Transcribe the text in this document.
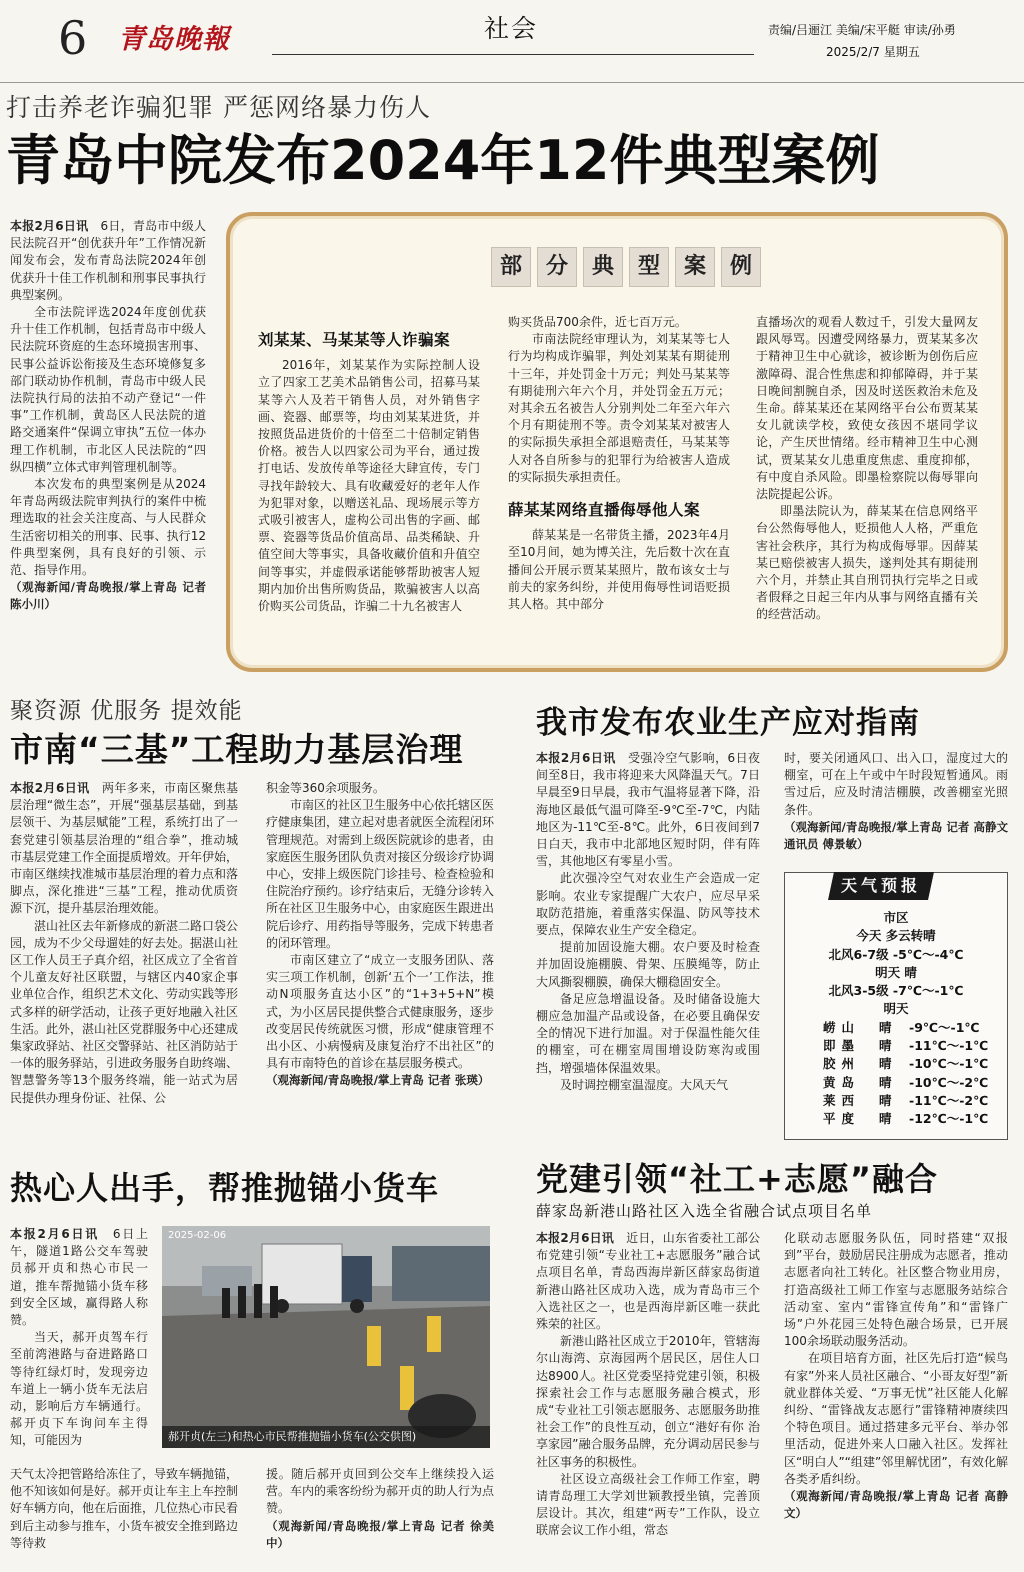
6 青岛晚報	社会	责编/吕逦江 美编/宋平艇 审读/孙勇
2025/2/7 星期五
打击养老诈骗犯罪 严惩网络暴力伤人
青岛中院发布2024年12件典型案例

本报2月6日讯　 6日，青岛市中级人民法院召开“创优获升年”工作情况新闻发布会，发布青岛法院2024年创优获升十佳工作机制和刑事民事执行典型案例。

全市法院评选2024年度创优获升十佳工作机制，包括青岛市中级人民法院环资庭的生态环境损害刑事、民事公益诉讼衔接及生态环境修复多部门联动协作机制，青岛市中级人民法院执行局的法拍不动产登记“一件事”工作机制，黄岛区人民法院的道路交通案件“保调立审执”五位一体办理工作机制，市北区人民法院的“四纵四横”立体式审判管理机制等。

本次发布的典型案例是从2024年青岛两级法院审判执行的案件中梳理选取的社会关注度高、与人民群众生活密切相关的刑事、民事、执行12件典型案例，具有良好的引领、示范、指导作用。

（观海新闻/青岛晚报/掌上青岛 记者 陈小川）

部	分	典	型	案	例
刘某某、马某某等人诈骗案

2016年，刘某某作为实际控制人设立了四家工艺美术品销售公司，招募马某某等六人及若干销售人员，对外销售字画、瓷器、邮票等，均由刘某某进货，并按照货品进货价的十倍至二十倍制定销售价格。被告人以四家公司为平台，通过拨打电话、发放传单等途径大肆宣传，专门寻找年龄较大、具有收藏爱好的老年人作为犯罪对象，以赠送礼品、现场展示等方式吸引被害人，虚构公司出售的字画、邮票、瓷器等货品价值高昂、品类稀缺、升值空间大等事实，具备收藏价值和升值空间等事实，并虚假承诺能够帮助被害人短期内加价出售所购货品，欺骗被害人以高价购买公司货品，诈骗二十九名被害人

购买货品700余件，近七百万元。

市南法院经审理认为，刘某某等七人行为均构成诈骗罪，判处刘某某有期徒刑十三年，并处罚金十万元；判处马某某等有期徒刑六年六个月，并处罚金五万元；对其余五名被告人分别判处二年至六年六个月有期徒刑不等。责令刘某某对被害人的实际损失承担全部退赔责任，马某某等人对各自所参与的犯罪行为给被害人造成的实际损失承担责任。

薛某某网络直播侮辱他人案

薛某某是一名带货主播，2023年4月至10月间，她为博关注，先后数十次在直播间公开展示贾某某照片，散布该女士与前夫的家务纠纷，并使用侮辱性词语贬损其人格。其中部分

直播场次的观看人数过千，引发大量网友跟风辱骂。因遭受网络暴力，贾某某多次于精神卫生中心就诊，被诊断为创伤后应激障碍、混合性焦虑和抑郁障碍，并于某日晚间割腕自杀，因及时送医救治未危及生命。薛某某还在某网络平台公布贾某某女儿就读学校，致使女孩因不堪同学议论，产生厌世情绪。经市精神卫生中心测试，贾某某女儿患重度焦虑、重度抑郁，有中度自杀风险。即墨检察院以侮辱罪向法院提起公诉。

即墨法院认为，薛某某在信息网络平台公然侮辱他人，贬损他人人格，严重危害社会秩序，其行为构成侮辱罪。因薛某某已赔偿被害人损失，遂判处其有期徒刑六个月，并禁止其自刑罚执行完毕之日或者假释之日起三年内从事与网络直播有关的经营活动。

聚资源 优服务 提效能
市南“三基”工程助力基层治理

本报2月6日讯　 两年多来，市南区聚焦基层治理“微生态”，开展“强基层基础，到基层领干、为基层赋能”工程，系统打出了一套党建引领基层治理的“组合拳”，推动城市基层党建工作全面提质增效。开年伊始，市南区继续找准城市基层治理的着力点和落脚点，深化推进“三基”工程，推动优质资源下沉，提升基层治理效能。

湛山社区去年新修成的新湛二路口袋公园，成为不少父母遛娃的好去处。据湛山社区工作人员王子真介绍，社区成立了全省首个儿童友好社区联盟，与辖区内40家企事业单位合作，组织艺术文化、劳动实践等形式多样的研学活动，让孩子更好地融入社区生活。此外，湛山社区党群服务中心还建成集家政驿站、社区交警驿站、社区消防站于一体的服务驿站，引进政务服务自助终端、智慧警务等13个服务终端，能一站式为居民提供办理身份证、社保、公

积金等360余项服务。

市南区的社区卫生服务中心依托辖区医疗健康集团，建立起对患者就医全流程闭环管理规范。对需到上级医院就诊的患者，由家庭医生服务团队负责对接区分级诊疗协调中心，安排上级医院门诊挂号、检查检验和住院治疗预约。诊疗结束后，无缝分诊转入所在社区卫生服务中心，由家庭医生跟进出院后诊疗、用药指导等服务，完成下转患者的闭环管理。

市南区建立了“成立一支服务团队、落实三项工作机制，创新‘五个一’工作法，推动N项服务直达小区”的“1+3+5+N”模式，为小区居民提供整合式健康服务，逐步改变居民传统就医习惯，形成“健康管理不出小区、小病慢病及康复治疗不出社区”的具有市南特色的首诊在基层服务模式。

（观海新闻/青岛晚报/掌上青岛 记者 张瑛）

我市发布农业生产应对指南

本报2月6日讯　 受强冷空气影响，6日夜间至8日，我市将迎来大风降温天气。7日早晨至9日早晨，我市气温将显著下降，沿海地区最低气温可降至-9℃至-7℃，内陆地区为-11℃至-8℃。此外，6日夜间到7日白天，我市中北部地区短时阴，伴有阵雪，其他地区有零星小雪。

此次强冷空气对农业生产会造成一定影响。农业专家提醒广大农户，应尽早采取防范措施，着重落实保温、防风等技术要点，保障农业生产安全稳定。

提前加固设施大棚。农户要及时检查并加固设施棚膜、骨架、压膜绳等，防止大风撕裂棚膜，确保大棚稳固安全。

备足应急增温设备。及时储备设施大棚应急加温产品或设备，在必要且确保安全的情况下进行加温。对于保温性能欠佳的棚室，可在棚室周围增设防寒沟或围挡，增强墙体保温效果。

及时调控棚室温湿度。大风天气

时，要关闭通风口、出入口，湿度过大的棚室，可在上午或中午时段短暂通风。雨雪过后，应及时清洁棚膜，改善棚室光照条件。

（观海新闻/青岛晚报/掌上青岛 记者 高静文 通讯员 傅景敏）

天气预报
市区
今天 多云转晴
北风6-7级 -5℃～-4℃
明天 晴
北风3-5级 -7℃～-1℃
明天
崂山	晴	-9℃～-1℃
即墨	晴	-11℃～-1℃
胶州	晴	-10℃～-1℃
黄岛	晴	-10℃～-2℃
莱西	晴	-11℃～-2℃
平度	晴	-12℃～-1℃
热心人出手，帮推抛锚小货车

本报2月6日讯　 6日上午，隧道1路公交车驾驶员郝开贞和热心市民一道，推车帮抛锚小货车移到安全区域，赢得路人称赞。

当天，郝开贞驾车行至前湾港路与奋进路路口等待红绿灯时，发现旁边车道上一辆小货车无法启动，影响后方车辆通行。郝开贞下车询问车主得知，可能因为

天气太冷把管路给冻住了，导致车辆抛锚，他不知该如何是好。郝开贞让车主上车控制好车辆方向，他在后面推，几位热心市民看到后主动参与推车，小货车被安全推到路边等待救

援。随后郝开贞回到公交车上继续投入运营。车内的乘客纷纷为郝开贞的助人行为点赞。

（观海新闻/青岛晚报/掌上青岛 记者 徐美中）

2025-02-06
郝开贞(左三)和热心市民帮推抛锚小货车(公交供图)
党建引领“社工+志愿”融合
薛家岛新港山路社区入选全省融合试点项目名单

本报2月6日讯　 近日，山东省委社工部公布党建引领“专业社工+志愿服务”融合试点项目名单，青岛西海岸新区薛家岛街道新港山路社区成功入选，成为青岛市三个入选社区之一，也是西海岸新区唯一获此殊荣的社区。

新港山路社区成立于2010年，管辖海尔山海湾、京海园两个居民区，居住人口达8900人。社区党委坚持党建引领，积极探索社会工作与志愿服务融合模式，形成“专业社工引领志愿服务、志愿服务助推社会工作”的良性互动，创立“港好有你 治享家园”融合服务品牌，充分调动居民参与社区事务的积极性。

社区设立高级社会工作师工作室，聘请青岛理工大学刘世颖教授坐镇，完善顶层设计。其次，组建“两专”工作队，设立联席会议工作小组，常态

化联动志愿服务队伍，同时搭建“双报到”平台，鼓励居民注册成为志愿者，推动志愿者向社工转化。社区整合物业用房，打造高级社工师工作室与志愿服务站综合活动室、室内“雷锋宣传角”和“雷锋广场”户外花园三处特色融合场景，已开展100余场联动服务活动。

在项目培育方面，社区先后打造“候鸟有家”外来人员社区融合、“小哥友好型”新就业群体关爱、“万事无忧”社区能人化解纠纷、“雷锋战友志愿行”雷锋精神赓续四个特色项目。通过搭建多元平台、举办邻里活动，促进外来人口融入社区。发挥社区“明白人”“组建”邻里解忧团”，有效化解各类矛盾纠纷。

（观海新闻/青岛晚报/掌上青岛 记者 高静文）
